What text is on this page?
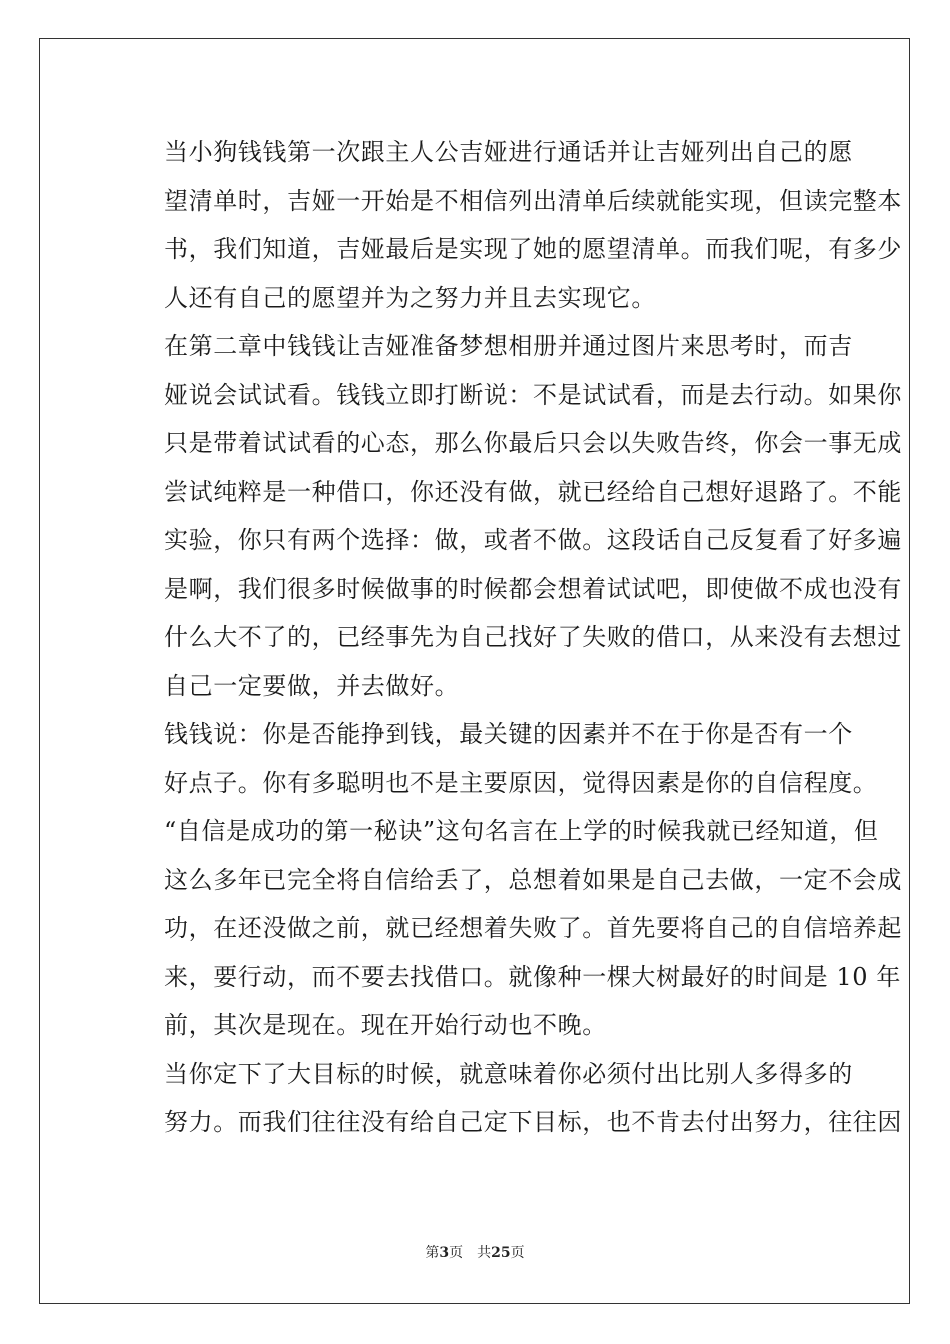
当小狗钱钱第一次跟主人公吉娅进行通话并让吉娅列出自己的愿
望清单时，吉娅一开始是不相信列出清单后续就能实现，但读完整本
书，我们知道，吉娅最后是实现了她的愿望清单。而我们呢，有多少
人还有自己的愿望并为之努力并且去实现它。

在第二章中钱钱让吉娅准备梦想相册并通过图片来思考时，而吉
娅说会试试看。钱钱立即打断说：不是试试看，而是去行动。如果你
只是带着试试看的心态，那么你最后只会以失败告终，你会一事无成
尝试纯粹是一种借口，你还没有做，就已经给自己想好退路了。不能
实验，你只有两个选择：做，或者不做。这段话自己反复看了好多遍
是啊，我们很多时候做事的时候都会想着试试吧，即使做不成也没有
什么大不了的，已经事先为自己找好了失败的借口，从来没有去想过
自己一定要做，并去做好。

钱钱说：你是否能挣到钱，最关键的因素并不在于你是否有一个
好点子。你有多聪明也不是主要原因，觉得因素是你的自信程度。
“自信是成功的第一秘诀”这句名言在上学的时候我就已经知道，但
这么多年已完全将自信给丢了，总想着如果是自己去做，一定不会成
功，在还没做之前，就已经想着失败了。首先要将自己的自信培养起
来，要行动，而不要去找借口。就像种一棵大树最好的时间是 10 年
前，其次是现在。现在开始行动也不晚。

当你定下了大目标的时候，就意味着你必须付出比别人多得多的
努力。而我们往往没有给自己定下目标，也不肯去付出努力，往往因

第3页　共25页
